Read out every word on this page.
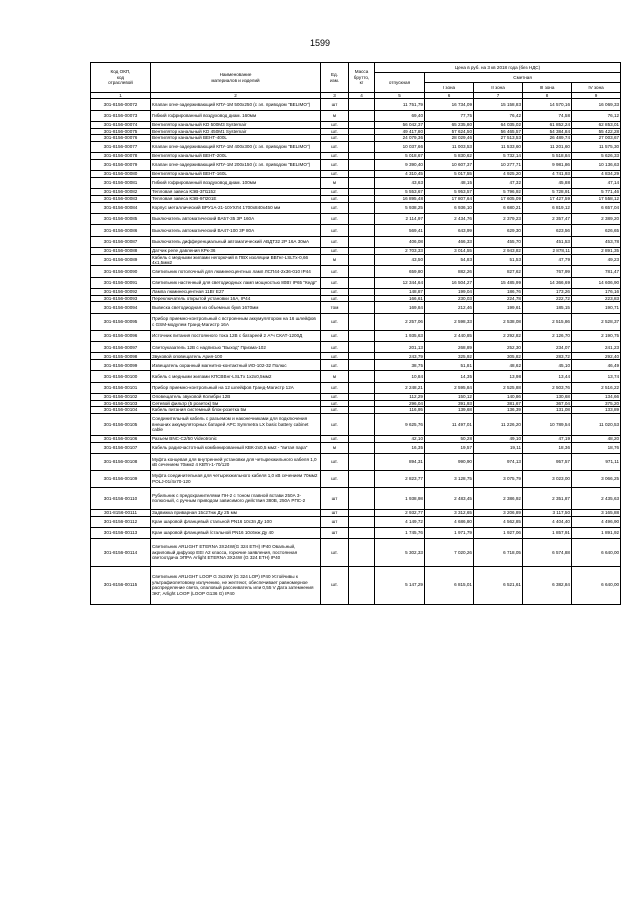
1599
Код ОКП,
код
отраслевой	Наименование
материалов и изделий	Ед.
изм.	Масса
брутто,
кг	Цена в руб. на 3 кв 2018 года (без НДС)				
				отпускная	Сметная			
					I зона	II зона	III зона	IV зона
1	2	3	4	5	6	7	8	9
301-8156-00072	Клапан огне-задерживающий КПУ-1М 500х250 (с эл. приводом "BELIMO")	шт		11 751,79	16 734,09	15 158,83	14 570,16	16 069,33
301-8156-00073	Гибкий гофрированный воздуховод диам. 160мм	м		69,40	77,75	76,42	74,58	76,12
301-8156-00074	Вентилятор канальный KD 500М3 Systemair	шт.		56 042,37	65 235,80	64 035,02	61 852,24	62 853,01
301-8156-00075	Вентилятор канальный KD 450М1 Systemair	шт.		49 417,80	57 624,50	56 465,57	54 384,84	55 422,28
301-8156-00076	Вентилятор канальный ВЕНТ-400L	шт.		24 079,36	28 029,46	27 513,53	26 489,74	27 003,67
301-8156-00077	Клапан огне-задерживающий КПУ-1М 400х300 (с эл. приводом "BELIMO")	шт.		10 037,66	11 003,53	11 533,60	11 201,60	11 575,30
301-8156-00078	Вентилятор канальный ВЕНТ-200L	шт.		5 018,67	5 830,62	5 732,14	5 518,84	5 626,33
301-8156-00079	Клапан огне-задерживающий КПУ-1М 200х150 (с эл. приводом "BELIMO")	шт.		9 390,40	10 607,37	10 277,71	9 981,86	10 136,63
301-8156-00080	Вентилятор канальный ВЕНТ-160L	шт.		4 310,45	5 017,55	4 925,20	4 741,93	4 834,29
301-8156-00081	Гибкий гофрированный воздуховод диам. 100мм	м		43,63	48,15	47,32	45,88	47,14
301-8156-00082	Тепловая завеса КЭВ-3П1152	шт.		5 553,67	5 953,57	5 796,92	5 728,91	5 771,46
301-8156-00083	Тепловая завеса КЭВ-9П201Е	шт.		16 895,48	17 807,64	17 605,09	17 427,59	17 558,12
301-8156-00084	Корпус металлический ВРУ1А-21-10УХЛ4 1700х840х450 мм	шт.		5 938,25	6 936,10	6 680,21	6 819,12	6 657,04
301-8156-00085	Выключатель автоматический ВА57-35 3Р 160А	шт.		2 114,97	2 434,76	2 379,23	2 357,47	2 389,20
301-8156-00086	Выключатель автоматический ВА47-100 3Р 80А	шт.		569,41	643,99	629,30	623,56	626,65
301-8156-00087	Выключатель дифференциальный автоматический АВДТ32 2Р 16А 30мА	шт.		406,08	466,33	455,70	451,53	453,78
301-8156-00088	Датчик реле давления КРк-36	шт.		2 703,33	3 014,55	2 943,82	2 878,11	2 891,35
301-8156-00089	Кабель с медными жилами негорючий в ПВХ изоляции ВВГнг-LSLTx-0,66 4х1,5мм2	м		43,50	54,83	51,53	47,79	49,23
301-8156-00090	Светильник потолочный для люминесцентных ламп ЛСП44-2х36-010 IP44	шт.		659,80	882,26	827,62	767,99	781,47
301-8156-00091	Светильник настенный для светодиодных ламп мощностью 80Вт IP65 "Кедр"	шт.		12 344,64	16 504,27	15 485,99	14 366,69	14 606,90
301-8156-00092	Лампа люминесцентная 11Вт Е27	шт.		148,87	199,04	186,76	173,26	176,16
301-8156-00093	Переключатель открытой установки 16А, IP44	шт.		166,61	230,03	224,78	222,72	223,83
301-8156-00094	Вывеска светодиодная из объемных букв 1670мм	том		169,84	212,46	199,61	185,15	190,71
301-8156-00095	Прибор приемно-контрольный с встроенным аккумулятором на 16 шлейфов с GSM-модулем Гранд-Магистр 16А	шт.		2 257,06	2 598,33	2 538,08	2 515,86	2 528,37
301-8156-00096	Источник питания постоянного тока 12В с батареей 2 А*ч СКАТ-1200Д	шт.		1 935,63	2 440,85	2 292,82	2 126,70	2 190,75
301-8156-00097	Светоуказатель 12В с надписью "Выход" Призма-102	шт.		201,13	268,89	252,30	234,07	241,23
301-8155-00098	Звуковой оповещатель Ария-100	шт.		243,79	325,92	305,82	283,72	292,40
301-8156-00099	Извещатель охранный магнитно-контактный ИО-102-32 Полюс	шт.		38,75	51,81	48,62	45,10	46,49
301-8156-00100	Кабель с медными жилами КПСВВнг-LSLTx 1х2х0,5мм2	м		10,84	14,35	13,98	13,44	13,74
301-8156-00101	Прибор приемно-контрольный на 12 шлейфов Гранд-Магистр 12А	шт.		2 248,21	2 595,84	2 525,88	2 503,76	2 516,22
301-8156-00102	Оповещатель звуковой Колибри 12В	шт.		112,29	150,12	140,86	130,68	134,66
301-8156-00103	Сетевой фильтр (5 розеток) 5м	шт.		296,04	391,93	381,67	367,04	375,20
301-8156-00104	Кабель питания системный блок-розетка 5м	шт.		116,95	139,68	136,39	131,08	133,89
301-8156-00105	Соединительный кабель с разъемом и наконечниками для подключения внешних аккумуляторных батарей APC Symmetra LX basic battery cabinet cable	шт.		9 625,76	11 497,01	11 226,20	10 789,54	11 020,53
301-8156-00106	Разъем BNC-С2/50 Videotronic	шт.		42,10	50,28	49,10	47,19	48,20
301-8156-00107	Кабель радиочастотный комбинированный КВК-2х0,5 мм2 - "витая пара"	м		16,35	19,57	19,11	18,36	18,76
301-8156-00108	Муфта концевая для внутренней установки для четырехжильного кабеля 1,0 кВ сечением 70мм2 4 КВТп-1-70/120	шт.		894,31	990,90	974,13	957,57	971,11
301-8156-00109	Муфта соединительная для четырехжильного кабеля 1,0 кВ сечением 70мм2 POLJ-01/4х70-120	шт.		2 823,77	3 128,75	3 075,79	3 023,00	3 066,25
301-8156-00110	Рубильник с предохранителями ПН-2 с тоном главной встави 250А 3-полюсный, с ручным приводом зависимого действия 380В, 250А РПС-2	шт		1 938,98	2 483,45	2 386,92	2 351,87	2 435,63
301-8156-00111	Задвижка приварная 15с27нж Ду 25 мм	шт		2 932,77	3 312,65	3 206,89	3 117,50	3 165,88
301-8156-00112	Кран шаровой фланцевый стальной PN16 10с3п Ду 100	шт		4 149,72	4 686,80	4 562,85	4 404,40	4 496,90
301-8156-00113	Кран шаровой фланцевый /стальной PN16 10с6нж Ду 40	шт		1 745,76	1 971,79	1 927,06	1 857,91	1 891,92
301-8156-00114	Светильник ARLIGHT ETERNA 3X24W(G 324 ETH) IP40 Овальный, акриловый дифузор ЕЕI А2 класса, горючие заявления, постоянная светоотдача ЭПРА Arlight ETERNA 3X24W (G 324 ETH) IP40	шт.		5 302,33	7 020,26	6 718,05	6 574,88	6 640,00
301-8156-00115	Светильник ARLIGHT LOOP G 3x24W (G 324 LOP) IP40 Устойчивы к ультрафиолетовому излучению, не желтеют, обеспечивает равномерное распределение света, опаловый рассеиватель или 0,55 V Дата затемнения ЭКГ, Arlight LOOP (LOOP G136 G) IP40	шт.		5 147,29	6 815,01	6 521,61	6 382,84	6 640,00
